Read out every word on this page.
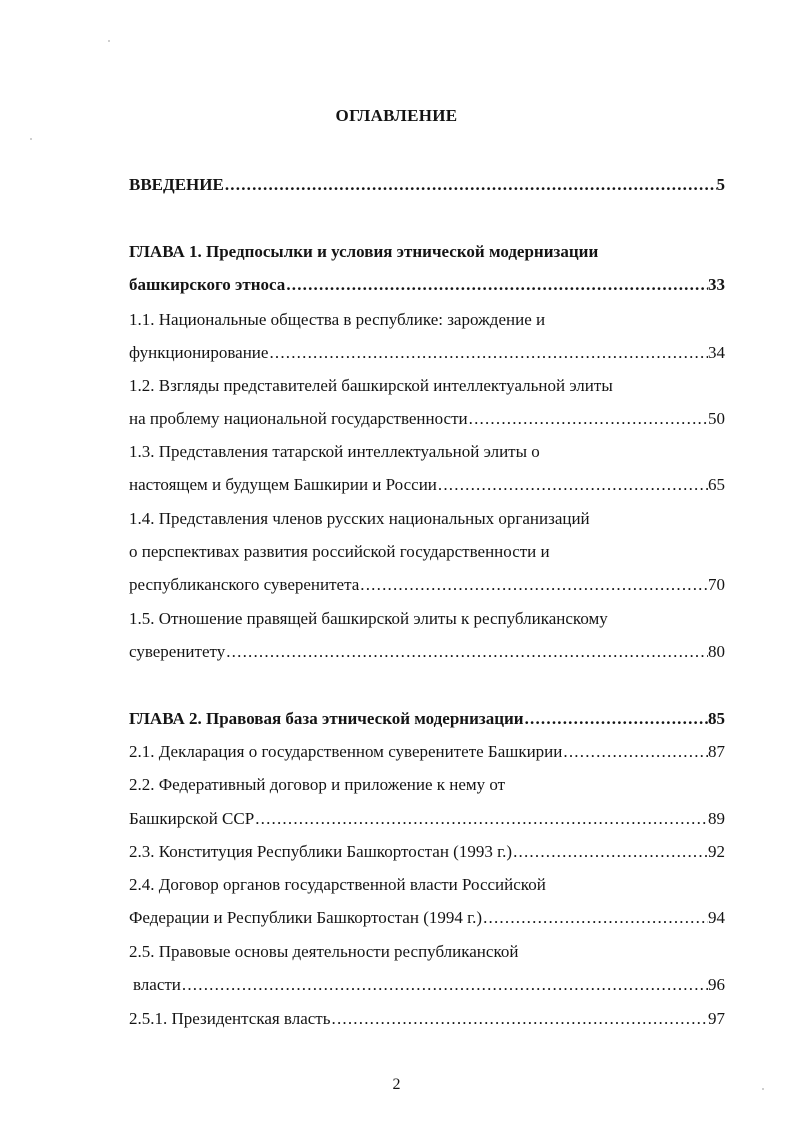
ОГЛАВЛЕНИЕ
ВВЕДЕНИЕ .....	5
ГЛАВА 1. Предпосылки и условия этнической модернизации
башкирского этноса .....	33
1.1. Национальные общества в республике: зарождение и
функционирование .....	34
1.2. Взгляды представителей башкирской интеллектуальной элиты
на проблему национальной государственности .....	50
1.3. Представления татарской интеллектуальной элиты о
настоящем и будущем Башкирии и России .....	65
1.4. Представления членов русских национальных организаций
о перспективах развития российской государственности и
республиканского суверенитета .....	70
1.5. Отношение правящей башкирской элиты к республиканскому
суверенитету .....	80
ГЛАВА 2. Правовая база этнической модернизации .....	85
2.1. Декларация о государственном суверенитете Башкирии .....	87
2.2. Федеративный договор и приложение к нему от
Башкирской ССР .....	89
2.3. Конституция Республики Башкортостан (1993 г.) .....	92
2.4. Договор органов государственной власти Российской
Федерации и Республики Башкортостан (1994 г.) .....	94
2.5. Правовые основы деятельности республиканской
власти .....	96
2.5.1. Президентская власть .....	97
2
